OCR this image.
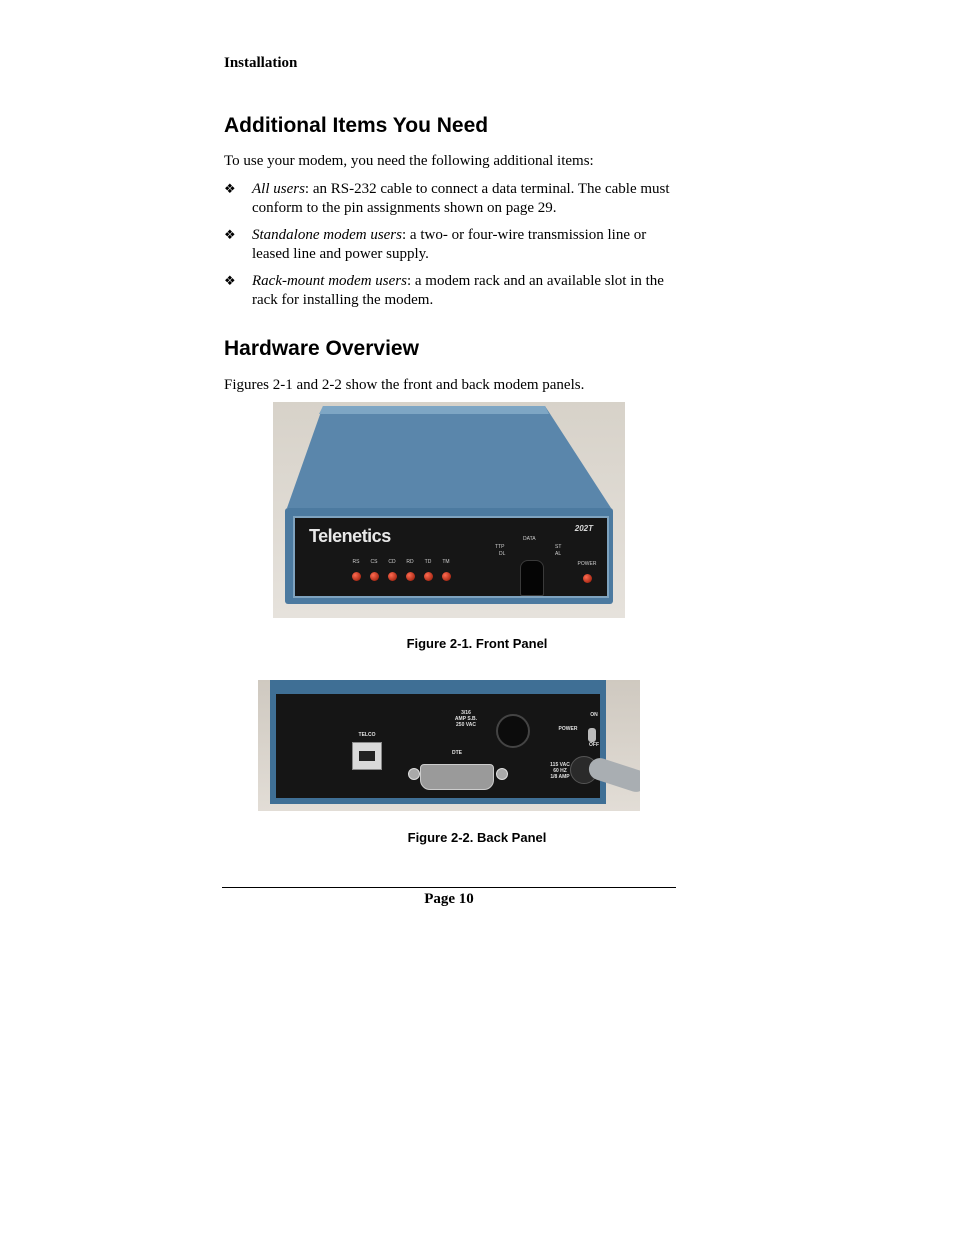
Installation
Additional Items You Need
To use your modem, you need the following additional items:
❖ All users: an RS-232 cable to connect a data terminal. The cable must conform to the pin assignments shown on page 29.
❖ Standalone modem users: a two- or four-wire transmission line or leased line and power supply.
❖ Rack-mount modem users: a modem rack and an available slot in the rack for installing the modem.
Hardware Overview
Figures 2-1 and 2-2 show the front and back modem panels.
Telenetics	202T
RS	CS	CD	RD	TD	TM
DATA
TTP	ST
DL	AL
POWER
Figure 2-1. Front Panel
TELCO
DTE
3/16
AMP S.B.
250 VAC
ON
POWER
OFF
115 VAC
60 HZ
1/8 AMP
Figure 2-2. Back Panel
Page 10
